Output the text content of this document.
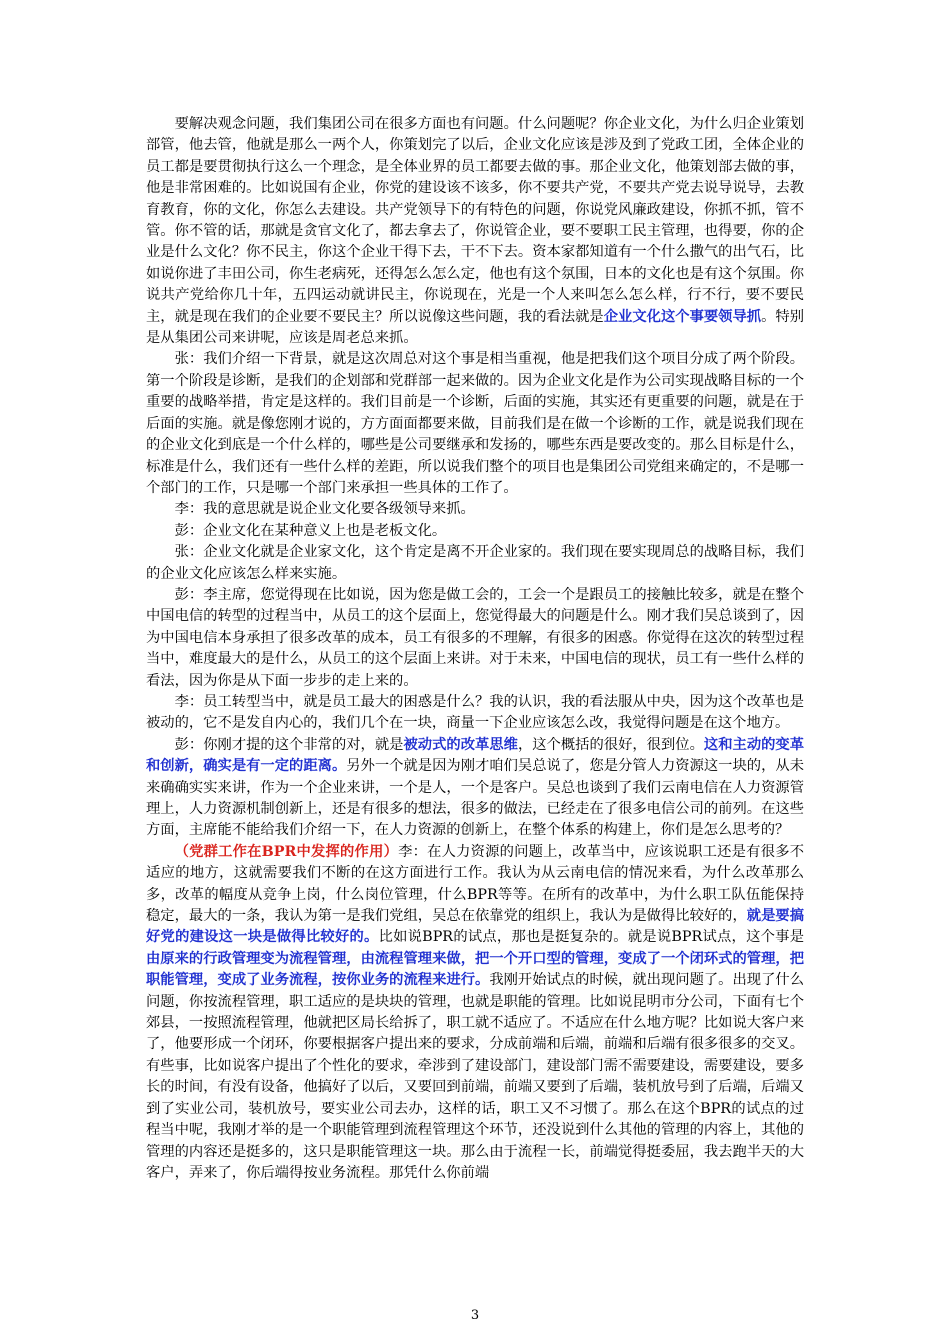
要解决观念问题，我们集团公司在很多方面也有问题。什么问题呢？你企业文化，为什么归企业策划部管，他去管，他就是那么一两个人，你策划完了以后，企业文化应该是涉及到了党政工团，全体企业的员工都是要贯彻执行这么一个理念，是全体业界的员工都要去做的事。那企业文化，他策划部去做的事，他是非常困难的。比如说国有企业，你党的建设该不该多，你不要共产党，不要共产党去说导说导，去教育教育，你的文化，你怎么去建设。共产党领导下的有特色的问题，你说党风廉政建设，你抓不抓，管不管。你不管的话，那就是贪官文化了，都去拿去了，你说管企业，要不要职工民主管理，也得要，你的企业是什么文化？你不民主，你这个企业干得下去，干不下去。资本家都知道有一个什么撒气的出气石，比如说你进了丰田公司，你生老病死，还得怎么怎么定，他也有这个氛围，日本的文化也是有这个氛围。你说共产党给你几十年，五四运动就讲民主，你说现在，光是一个人来叫怎么怎么样，行不行，要不要民主，就是现在我们的企业要不要民主？所以说像这些问题，我的看法就是企业文化这个事要领导抓。特别是从集团公司来讲呢，应该是周老总来抓。

张：我们介绍一下背景，就是这次周总对这个事是相当重视，他是把我们这个项目分成了两个阶段。第一个阶段是诊断，是我们的企划部和党群部一起来做的。因为企业文化是作为公司实现战略目标的一个重要的战略举措，肯定是这样的。我们目前是一个诊断，后面的实施，其实还有更重要的问题，就是在于后面的实施。就是像您刚才说的，方方面面都要来做，目前我们是在做一个诊断的工作，就是说我们现在的企业文化到底是一个什么样的，哪些是公司要继承和发扬的，哪些东西是要改变的。那么目标是什么，标准是什么，我们还有一些什么样的差距，所以说我们整个的项目也是集团公司党组来确定的，不是哪一个部门的工作，只是哪一个部门来承担一些具体的工作了。

李：我的意思就是说企业文化要各级领导来抓。

彭：企业文化在某种意义上也是老板文化。

张：企业文化就是企业家文化，这个肯定是离不开企业家的。我们现在要实现周总的战略目标，我们的企业文化应该怎么样来实施。

彭：李主席，您觉得现在比如说，因为您是做工会的，工会一个是跟员工的接触比较多，就是在整个中国电信的转型的过程当中，从员工的这个层面上，您觉得最大的问题是什么。刚才我们吴总谈到了，因为中国电信本身承担了很多改革的成本，员工有很多的不理解，有很多的困惑。你觉得在这次的转型过程当中，难度最大的是什么，从员工的这个层面上来讲。对于未来，中国电信的现状，员工有一些什么样的看法，因为你是从下面一步步的走上来的。

李：员工转型当中，就是员工最大的困惑是什么？我的认识，我的看法服从中央，因为这个改革也是被动的，它不是发自内心的，我们几个在一块，商量一下企业应该怎么改，我觉得问题是在这个地方。

彭：你刚才提的这个非常的对，就是被动式的改革思维，这个概括的很好，很到位。这和主动的变革和创新，确实是有一定的距离。另外一个就是因为刚才咱们吴总说了，您是分管人力资源这一块的，从未来确确实实来讲，作为一个企业来讲，一个是人，一个是客户。吴总也谈到了我们云南电信在人力资源管理上，人力资源机制创新上，还是有很多的想法，很多的做法，已经走在了很多电信公司的前列。在这些方面，主席能不能给我们介绍一下，在人力资源的创新上，在整个体系的构建上，你们是怎么思考的？

（党群工作在BPR中发挥的作用）李：在人力资源的问题上，改革当中，应该说职工还是有很多不适应的地方，这就需要我们不断的在这方面进行工作。我认为从云南电信的情况来看，为什么改革那么多，改革的幅度从竞争上岗，什么岗位管理，什么BPR等等。在所有的改革中，为什么职工队伍能保持稳定，最大的一条，我认为第一是我们党组，吴总在依靠党的组织上，我认为是做得比较好的，就是要搞好党的建设这一块是做得比较好的。比如说BPR的试点，那也是挺复杂的。就是说BPR试点，这个事是由原来的行政管理变为流程管理，由流程管理来做，把一个开口型的管理，变成了一个闭环式的管理，把职能管理，变成了业务流程，按你业务的流程来进行。我刚开始试点的时候，就出现问题了。出现了什么问题，你按流程管理，职工适应的是块块的管理，也就是职能的管理。比如说昆明市分公司，下面有七个郊县，一按照流程管理，他就把区局长给拆了，职工就不适应了。不适应在什么地方呢？比如说大客户来了，他要形成一个闭环，你要根据客户提出来的要求，分成前端和后端，前端和后端有很多很多的交叉。有些事，比如说客户提出了个性化的要求，牵涉到了建设部门，建设部门需不需要建设，需要建设，要多长的时间，有没有设备，他搞好了以后，又要回到前端，前端又要到了后端，装机放号到了后端，后端又到了实业公司，装机放号，要实业公司去办，这样的话，职工又不习惯了。那么在这个BPR的试点的过程当中呢，我刚才举的是一个职能管理到流程管理这个环节，还没说到什么其他的管理的内容上，其他的管理的内容还是挺多的，这只是职能管理这一块。那么由于流程一长，前端觉得挺委屈，我去跑半天的大客户，弄来了，你后端得按业务流程。那凭什么你前端

3
